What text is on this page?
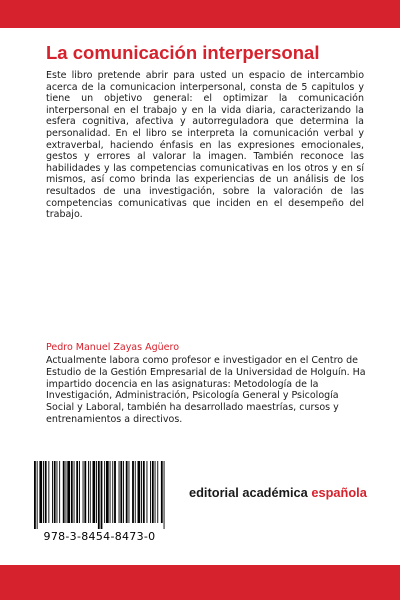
La comunicación interpersonal

Este libro pretende abrir para usted un espacio de intercambio acerca de la comunicacion interpersonal, consta de 5 capitulos y tiene un objetivo general: el optimizar la comunicación interpersonal en el trabajo y en la vida diaria, caracterizando la esfera cognitiva, afectiva y autorreguladora que determina la personalidad. En el libro se interpreta la comunicación verbal y extraverbal, haciendo énfasis en las expresiones emocionales, gestos y errores al valorar la imagen. También reconoce las habilidades y las competencias comunicativas en los otros y en sí mismos, así como brinda las experiencias de un análisis de los resultados de una investigación, sobre la valoración de las competencias comunicativas que inciden en el desempeño del trabajo.

Pedro Manuel Zayas Agüero

Actualmente labora como profesor e investigador en el Centro de Estudio de la Gestión Empresarial de la Universidad de Holguín. Ha impartido docencia en las asignaturas: Metodología de la Investigación, Administración, Psicología General y Psicología Social y Laboral, también ha desarrollado maestrías, cursos y entrenamientos a directivos.

978-3-8454-8473-0

editorial académica española
